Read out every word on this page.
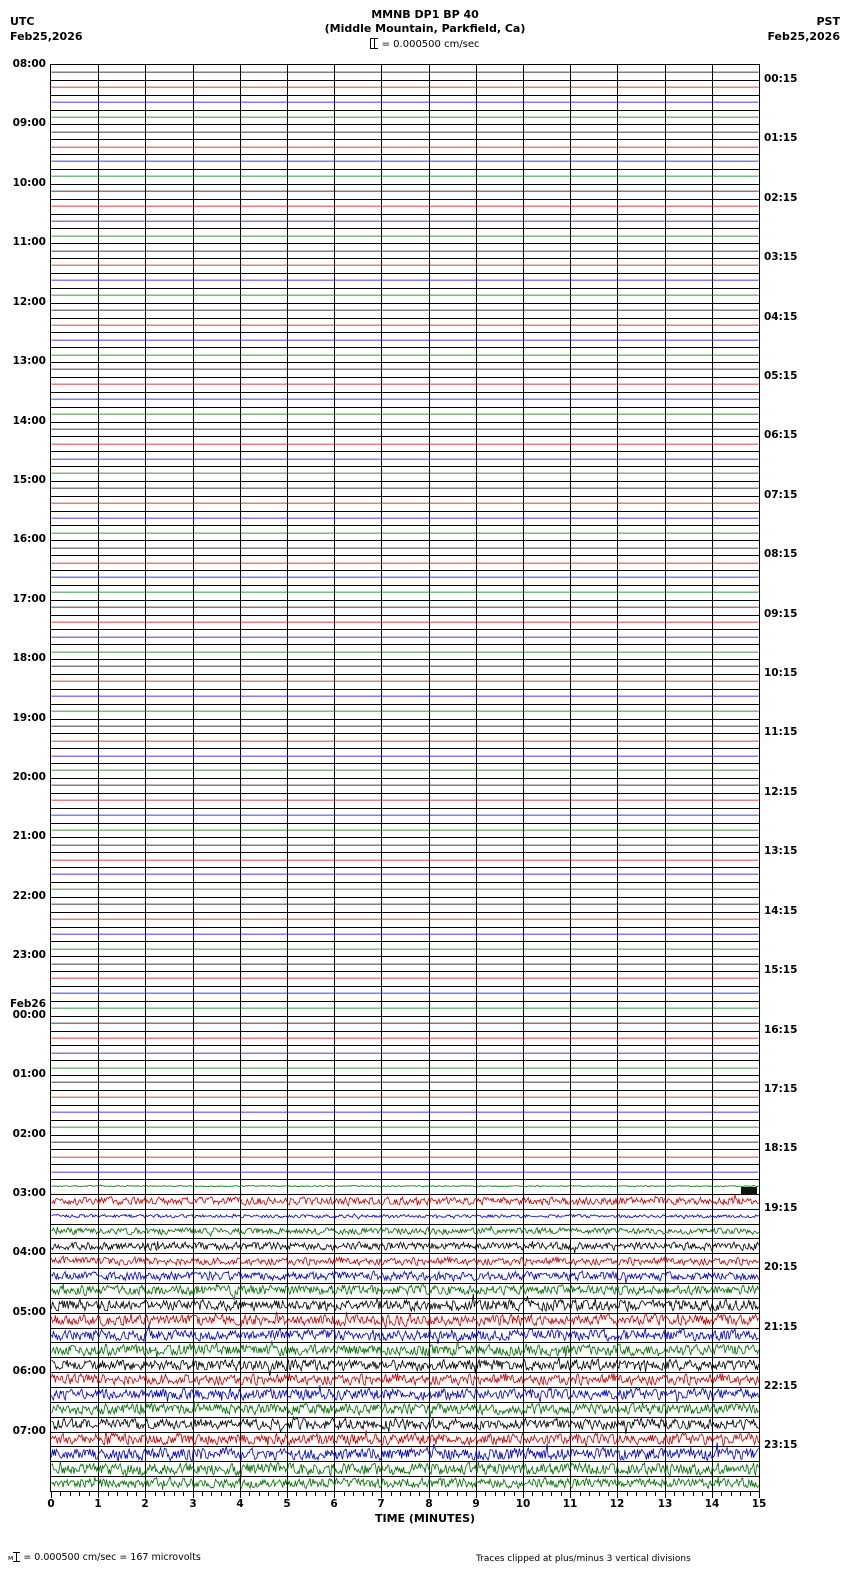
UTC
Feb25,2026
MMNB DP1 BP 40
(Middle Mountain, Parkfield, Ca)
PST
Feb25,2026
= 0.000500 cm/sec
0	1	2	3	4	5	6	7	8	9	10	11	12	13	14	15
TIME (MINUTES)
м = 0.000500 cm/sec = 167 microvolts	Traces clipped at plus/minus 3 vertical divisions
08:00
09:00
10:00
11:00
12:00
13:00
14:00
15:00
16:00
17:00
18:00
19:00
20:00
21:00
22:00
23:00
Feb26
00:00
01:00
02:00
03:00
04:00
05:00
06:00
07:00
00:15
01:15
02:15
03:15
04:15
05:15
06:15
07:15
08:15
09:15
10:15
11:15
12:15
13:15
14:15
15:15
16:15
17:15
18:15
19:15
20:15
21:15
22:15
23:15
